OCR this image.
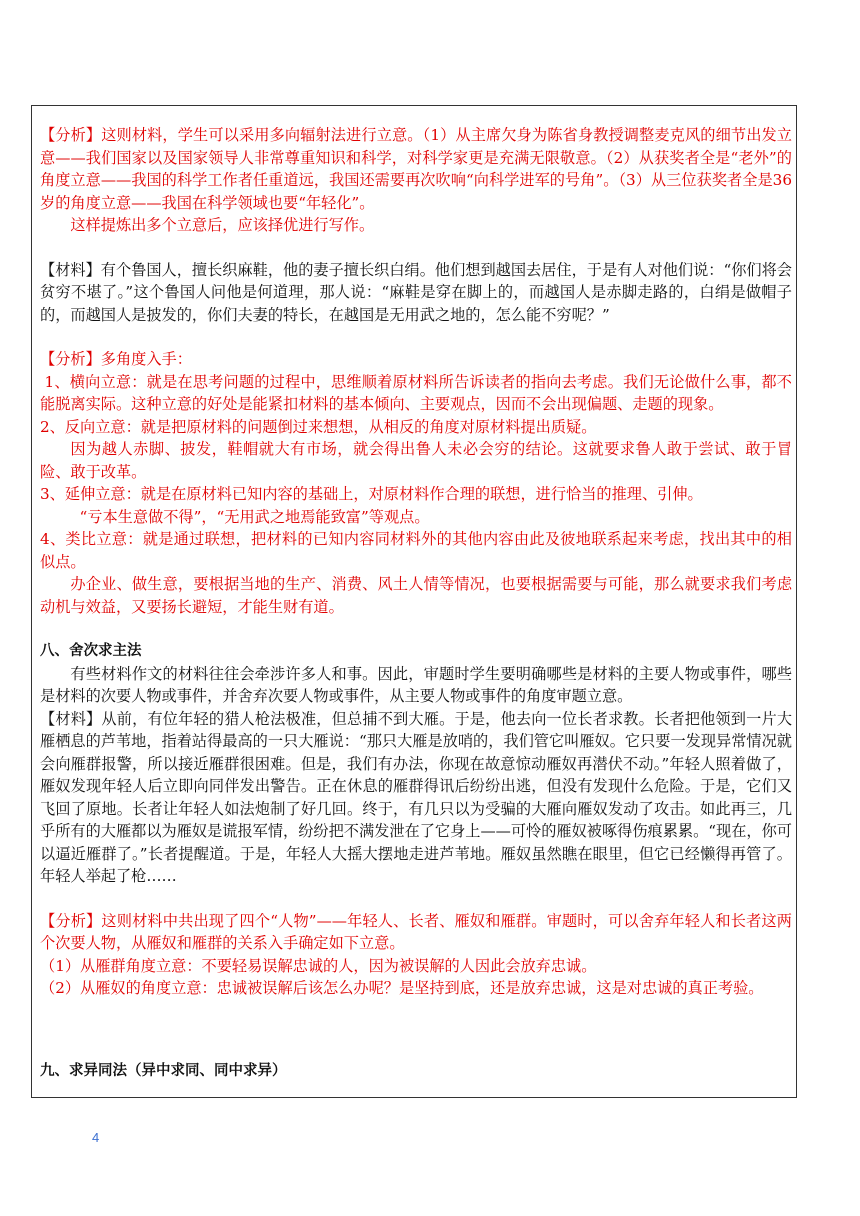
【分析】这则材料，学生可以采用多向辐射法进行立意。（1）从主席欠身为陈省身教授调整麦克风的细节出发立意——我们国家以及国家领导人非常尊重知识和科学，对科学家更是充满无限敬意。（2）从获奖者全是“老外”的角度立意——我国的科学工作者任重道远，我国还需要再次吹响“向科学进军的号角”。（3）从三位获奖者全是36岁的角度立意——我国在科学领域也要“年轻化”。

这样提炼出多个立意后，应该择优进行写作。

【材料】有个鲁国人，擅长织麻鞋，他的妻子擅长织白绢。他们想到越国去居住，于是有人对他们说：“你们将会贫穷不堪了。”这个鲁国人问他是何道理，那人说：“麻鞋是穿在脚上的，而越国人是赤脚走路的，白绢是做帽子的，而越国人是披发的，你们夫妻的特长，在越国是无用武之地的，怎么能不穷呢？”

【分析】多角度入手：

1、横向立意：就是在思考问题的过程中，思维顺着原材料所告诉读者的指向去考虑。我们无论做什么事，都不能脱离实际。这种立意的好处是能紧扣材料的基本倾向、主要观点，因而不会出现偏题、走题的现象。

2、反向立意：就是把原材料的问题倒过来想想，从相反的角度对原材料提出质疑。

因为越人赤脚、披发，鞋帽就大有市场，就会得出鲁人未必会穷的结论。这就要求鲁人敢于尝试、敢于冒险、敢于改革。

3、延伸立意：就是在原材料已知内容的基础上，对原材料作合理的联想，进行恰当的推理、引伸。

“亏本生意做不得”，“无用武之地焉能致富”等观点。

4、类比立意：就是通过联想，把材料的已知内容同材料外的其他内容由此及彼地联系起来考虑，找出其中的相似点。

办企业、做生意，要根据当地的生产、消费、风土人情等情况，也要根据需要与可能，那么就要求我们考虑动机与效益，又要扬长避短，才能生财有道。

八、舍次求主法

有些材料作文的材料往往会牵涉许多人和事。因此，审题时学生要明确哪些是材料的主要人物或事件，哪些是材料的次要人物或事件，并舍弃次要人物或事件，从主要人物或事件的角度审题立意。

【材料】从前，有位年轻的猎人枪法极准，但总捕不到大雁。于是，他去向一位长者求教。长者把他领到一片大雁栖息的芦苇地，指着站得最高的一只大雁说：“那只大雁是放哨的，我们管它叫雁奴。它只要一发现异常情况就会向雁群报警，所以接近雁群很困难。但是，我们有办法，你现在故意惊动雁奴再潜伏不动。”年轻人照着做了，雁奴发现年轻人后立即向同伴发出警告。正在休息的雁群得讯后纷纷出逃，但没有发现什么危险。于是，它们又飞回了原地。长者让年轻人如法炮制了好几回。终于，有几只以为受骗的大雁向雁奴发动了攻击。如此再三，几乎所有的大雁都以为雁奴是谎报军情，纷纷把不满发泄在了它身上——可怜的雁奴被啄得伤痕累累。“现在，你可以逼近雁群了。”长者提醒道。于是，年轻人大摇大摆地走进芦苇地。雁奴虽然瞧在眼里，但它已经懒得再管了。年轻人举起了枪……

【分析】这则材料中共出现了四个“人物”——年轻人、长者、雁奴和雁群。审题时，可以舍弃年轻人和长者这两个次要人物，从雁奴和雁群的关系入手确定如下立意。

（1）从雁群角度立意：不要轻易误解忠诚的人，因为被误解的人因此会放弃忠诚。

（2）从雁奴的角度立意：忠诚被误解后该怎么办呢？是坚持到底，还是放弃忠诚，这是对忠诚的真正考验。

九、求异同法（异中求同、同中求异）

4
